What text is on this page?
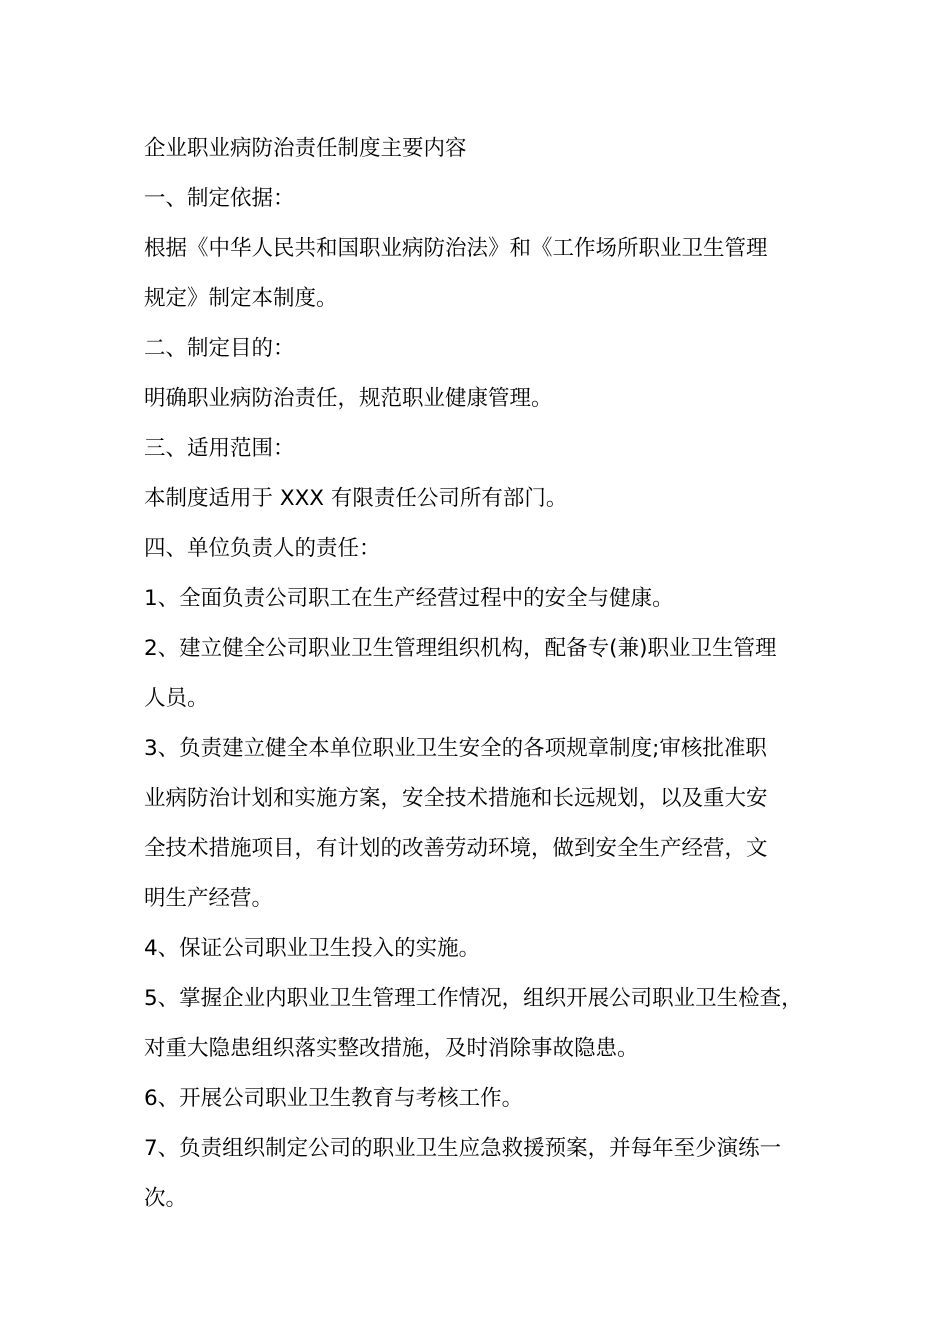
企业职业病防治责任制度主要内容
一、制定依据：
根据《中华人民共和国职业病防治法》和《工作场所职业卫生管理
规定》制定本制度。
二、制定目的：
明确职业病防治责任，规范职业健康管理。
三、适用范围：
本制度适用于 XXX 有限责任公司所有部门。
四、单位负责人的责任：
1、全面负责公司职工在生产经营过程中的安全与健康。
2、建立健全公司职业卫生管理组织机构，配备专(兼)职业卫生管理
人员。
3、负责建立健全本单位职业卫生安全的各项规章制度;审核批准职
业病防治计划和实施方案，安全技术措施和长远规划，以及重大安
全技术措施项目，有计划的改善劳动环境，做到安全生产经营，文
明生产经营。
4、保证公司职业卫生投入的实施。
5、掌握企业内职业卫生管理工作情况，组织开展公司职业卫生检查，
对重大隐患组织落实整改措施，及时消除事故隐患。
6、开展公司职业卫生教育与考核工作。
7、负责组织制定公司的职业卫生应急救援预案，并每年至少演练一
次。
